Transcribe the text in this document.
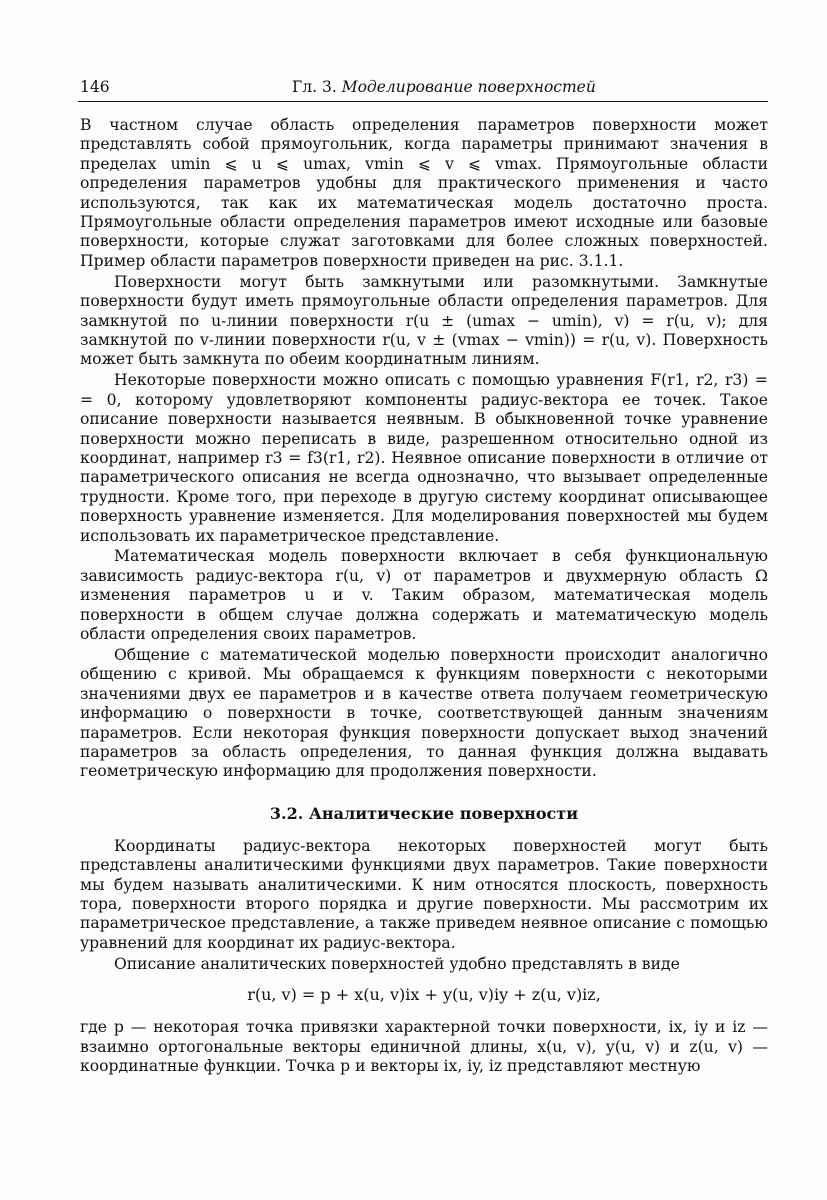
146	Гл. 3. Моделирование поверхностей

В частном случае область определения параметров поверхности может представлять собой прямоугольник, когда параметры принимают значения в пределах umin ⩽ u ⩽ umax, vmin ⩽ v ⩽ vmax. Прямоугольные области определения параметров удобны для практического применения и часто используются, так как их математическая модель достаточно проста. Прямоугольные области определения параметров имеют исходные или базовые поверхности, которые служат заготовками для более сложных поверхностей. Пример области параметров поверхности приведен на рис. 3.1.1.

Поверхности могут быть замкнутыми или разомкнутыми. Замкнутые поверхности будут иметь прямоугольные области определения параметров. Для замкнутой по u-линии поверхности r(u ± (umax − umin), v) = r(u, v); для замкнутой по v-линии поверхности r(u, v ± (vmax − vmin)) = r(u, v). Поверхность может быть замкнута по обеим координатным линиям.

Некоторые поверхности можно описать с помощью уравнения F(r1, r2, r3) = = 0, которому удовлетворяют компоненты радиус-вектора ее точек. Такое описание поверхности называется неявным. В обыкновенной точке уравнение поверхности можно переписать в виде, разрешенном относительно одной из координат, например r3 = f3(r1, r2). Неявное описание поверхности в отличие от параметрического описания не всегда однозначно, что вызывает определенные трудности. Кроме того, при переходе в другую систему координат описывающее поверхность уравнение изменяется. Для моделирования поверхностей мы будем использовать их параметрическое представление.

Математическая модель поверхности включает в себя функциональную зависимость радиус-вектора r(u, v) от параметров и двухмерную область Ω изменения параметров u и v. Таким образом, математическая модель поверхности в общем случае должна содержать и математическую модель области определения своих параметров.

Общение с математической моделью поверхности происходит аналогично общению с кривой. Мы обращаемся к функциям поверхности с некоторыми значениями двух ее параметров и в качестве ответа получаем геометрическую информацию о поверхности в точке, соответствующей данным значениям параметров. Если некоторая функция поверхности допускает выход значений параметров за область определения, то данная функция должна выдавать геометрическую информацию для продолжения поверхности.

3.2. Аналитические поверхности

Координаты радиус-вектора некоторых поверхностей могут быть представлены аналитическими функциями двух параметров. Такие поверхности мы будем называть аналитическими. К ним относятся плоскость, поверхность тора, поверхности второго порядка и другие поверхности. Мы рассмотрим их параметрическое представление, а также приведем неявное описание с помощью уравнений для координат их радиус-вектора.

Описание аналитических поверхностей удобно представлять в виде

r(u, v) = p + x(u, v)ix + y(u, v)iy + z(u, v)iz,

где p — некоторая точка привязки характерной точки поверхности, ix, iy и iz — взаимно ортогональные векторы единичной длины, x(u, v), y(u, v) и z(u, v) — координатные функции. Точка p и векторы ix, iy, iz представляют местную
